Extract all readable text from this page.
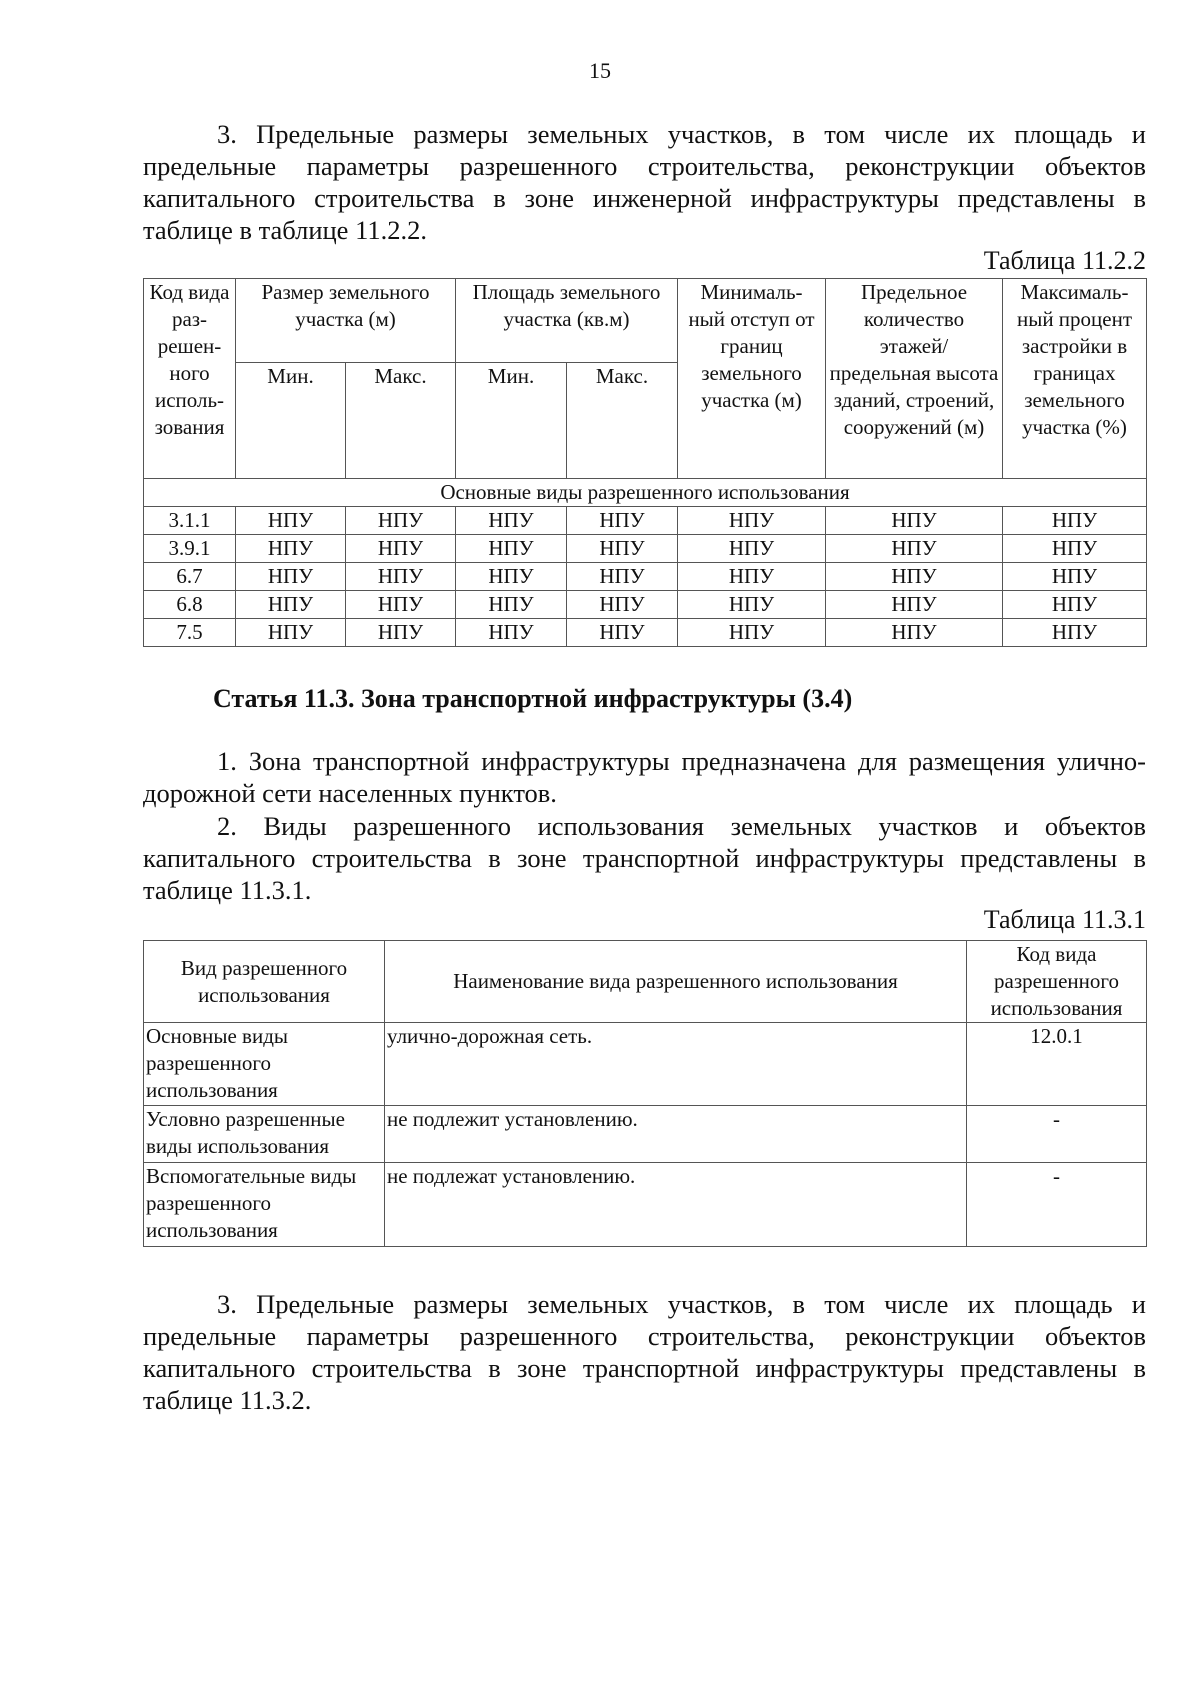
15

3. Предельные размеры земельных участков, в том числе их площадь и предельные параметры разрешенного строительства, реконструкции объектов капитального строительства в зоне инженерной инфраструктуры представлены в таблице в таблице 11.2.2.

Таблица 11.2.2
Код вида раз- решен- ного исполь- зования	Размер земельного участка (м)		Площадь земельного участка (кв.м)		Минималь- ный отступ от границ земельного участка (м)	Предельное количество этажей/ предельная высота зданий, строений, сооружений (м)	Максималь- ный процент застройки в границах земельного участка (%)
	Мин.	Макс.	Мин.	Макс.			
Основные виды разрешенного использования							
3.1.1	НПУ	НПУ	НПУ	НПУ	НПУ	НПУ	НПУ
3.9.1	НПУ	НПУ	НПУ	НПУ	НПУ	НПУ	НПУ
6.7	НПУ	НПУ	НПУ	НПУ	НПУ	НПУ	НПУ
6.8	НПУ	НПУ	НПУ	НПУ	НПУ	НПУ	НПУ
7.5	НПУ	НПУ	НПУ	НПУ	НПУ	НПУ	НПУ
Статья 11.3. Зона транспортной инфраструктуры (3.4)

1. Зона транспортной инфраструктуры предназначена для размещения улично-дорожной сети населенных пунктов.

2. Виды разрешенного использования земельных участков и объектов капитального строительства в зоне транспортной инфраструктуры представлены в таблице 11.3.1.

Таблица 11.3.1
Вид разрешенного использования	Наименование вида разрешенного использования	Код вида разрешенного использования
Основные виды разрешенного использования	улично-дорожная сеть.	12.0.1
Условно разрешенные виды использования	не подлежит установлению.	-
Вспомогательные виды разрешенного использования	не подлежат установлению.	-

3. Предельные размеры земельных участков, в том числе их площадь и предельные параметры разрешенного строительства, реконструкции объектов капитального строительства в зоне транспортной инфраструктуры представлены в таблице 11.3.2.
